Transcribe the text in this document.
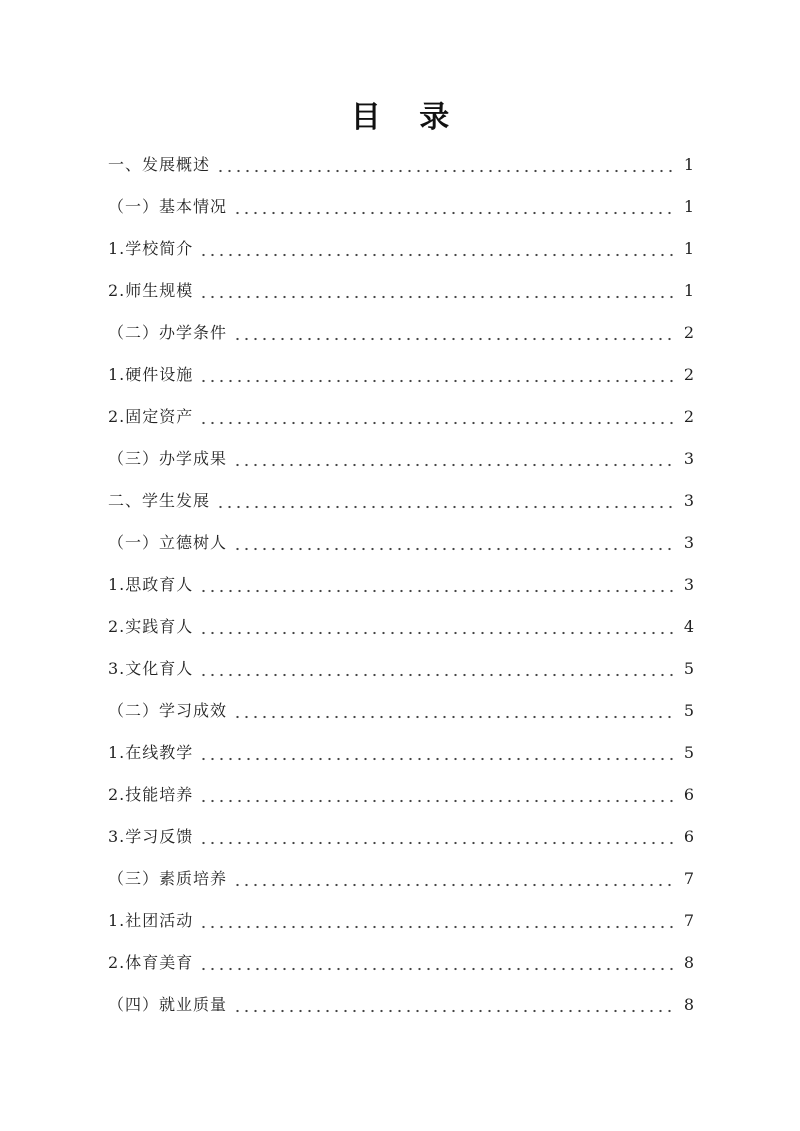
目 录
一、发展概述	1
（一）基本情况	1
1.学校简介	1
2.师生规模	1
（二）办学条件	2
1.硬件设施	2
2.固定资产	2
（三）办学成果	3
二、学生发展	3
（一）立德树人	3
1.思政育人	3
2.实践育人	4
3.文化育人	5
（二）学习成效	5
1.在线教学	5
2.技能培养	6
3.学习反馈	6
（三）素质培养	7
1.社团活动	7
2.体育美育	8
（四）就业质量	8
